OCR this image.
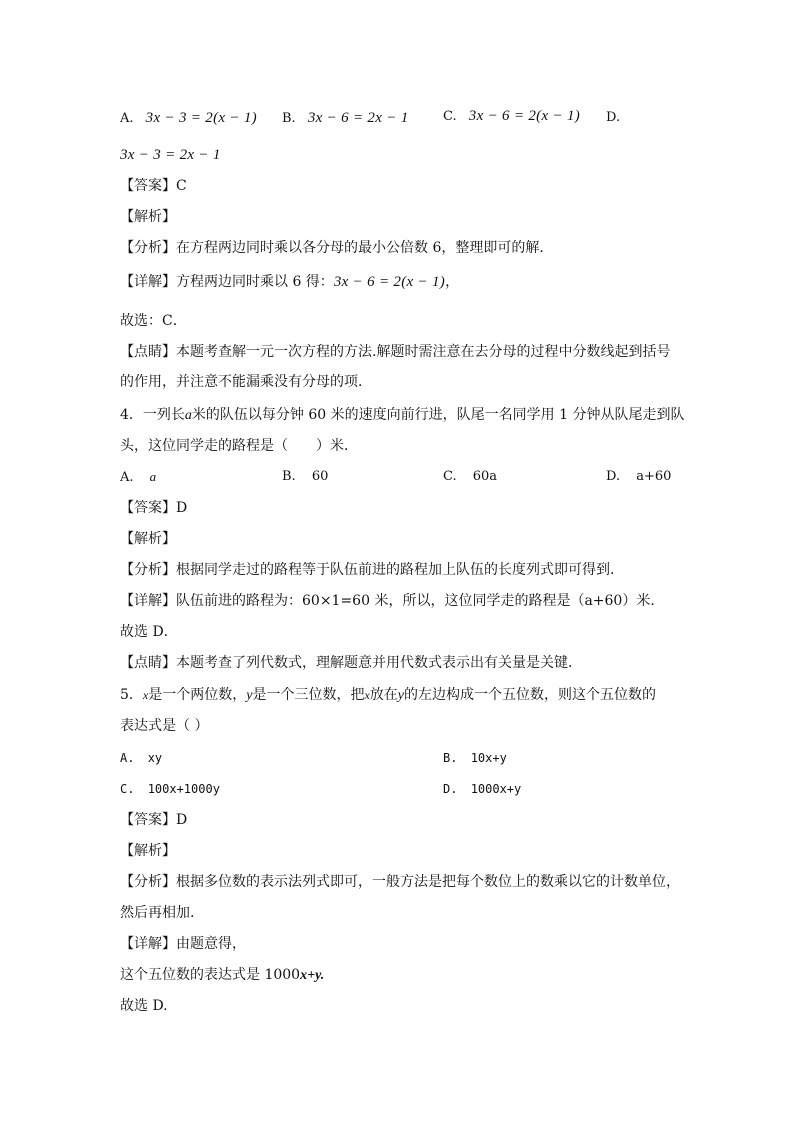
A. 3x − 3 = 2(x − 1) B. 3x − 6 = 2x − 1	C. 3x − 6 = 2(x − 1) D.
3x − 3 = 2x − 1
【答案】C
【解析】
【分析】在方程两边同时乘以各分母的最小公倍数 6，整理即可的解．
【详解】方程两边同时乘以 6 得：3x − 6 = 2(x − 1)，
故选：C．
【点睛】本题考查解一元一次方程的方法.解题时需注意在去分母的过程中分数线起到括号
的作用，并注意不能漏乘没有分母的项．
4．一列长a米的队伍以每分钟 60 米的速度向前行进，队尾一名同学用 1 分钟从队尾走到队
头，这位同学走的路程是（　　）米．
A. a	B. 60	C. 60a	D. a+60
【答案】D
【解析】
【分析】根据同学走过的路程等于队伍前进的路程加上队伍的长度列式即可得到．
【详解】队伍前进的路程为：60×1=60 米，所以，这位同学走的路程是（a+60）米．
故选 D．
【点睛】本题考查了列代数式，理解题意并用代数式表示出有关量是关键．
5．x是一个两位数，y是一个三位数，把x放在y的左边构成一个五位数，则这个五位数的
表达式是（ ）
A. xy	B. 10x+y
C. 100x+1000y	D. 1000x+y
【答案】D
【解析】
【分析】根据多位数的表示法列式即可，一般方法是把每个数位上的数乘以它的计数单位，
然后再相加.
【详解】由题意得，
这个五位数的表达式是 1000x+y.
故选 D.
